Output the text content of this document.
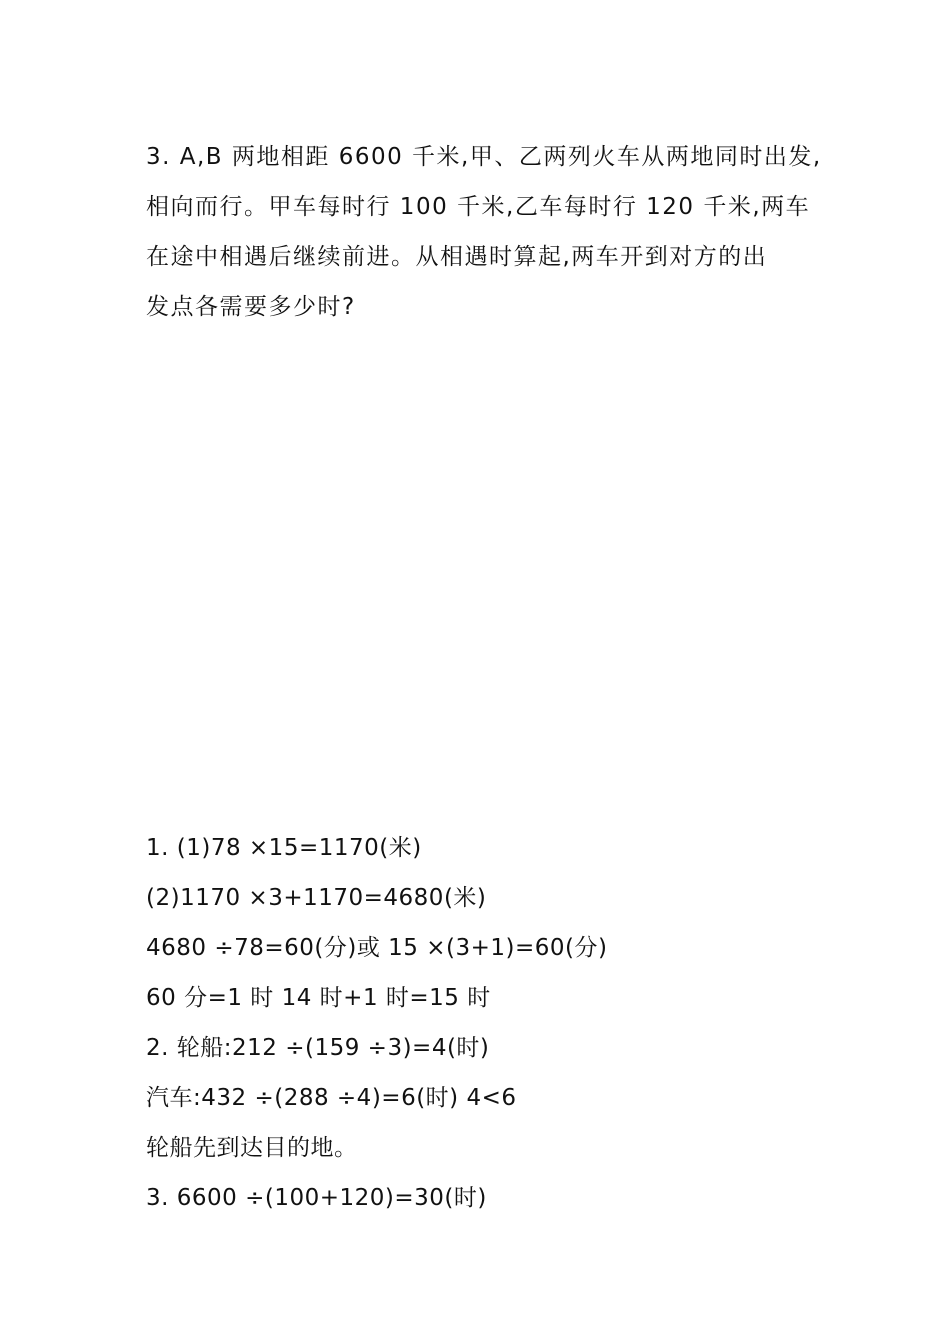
3. A,B 两地相距 6600 千米,甲、乙两列火车从两地同时出发,
相向而行。甲车每时行 100 千米,乙车每时行 120 千米,两车
在途中相遇后继续前进。从相遇时算起,两车开到对方的出
发点各需要多少时?
1. (1)78 ×15=1170(米)
(2)1170 ×3+1170=4680(米)
4680 ÷78=60(分)或 15 ×(3+1)=60(分)
60 分=1 时 14 时+1 时=15 时
2. 轮船:212 ÷(159 ÷3)=4(时)
汽车:432 ÷(288 ÷4)=6(时) 4<6
轮船先到达目的地。
3. 6600 ÷(100+120)=30(时)
